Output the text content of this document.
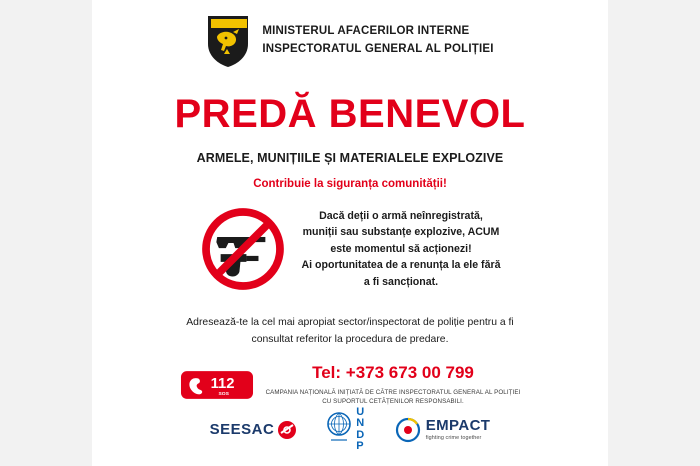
MINISTERUL AFACERILOR INTERNE
INSPECTORATUL GENERAL AL POLIȚIEI
PREDĂ BENEVOL
ARMELE, MUNIȚIILE ȘI MATERIALELE EXPLOZIVE
Contribuie la siguranța comunității!
Dacă deții o armă neînregistrată,
muniții sau substanțe explozive, ACUM
este momentul să acționezi!
Ai oportunitatea de a renunța la ele fără
a fi sancționat.
Adresează-te la cel mai apropiat sector/inspectorat de poliție pentru a fi
consultat referitor la procedura de predare.
112
SOS
Tel: +373 673 00 799
CAMPANIA NAȚIONALĂ INIȚIATĂ DE CĂTRE INSPECTORATUL GENERAL AL POLIȚIEI
CU SUPORTUL CETĂȚENILOR RESPONSABILI.
SEESAC
U
N
D
P
EMPACT
fighting crime together
